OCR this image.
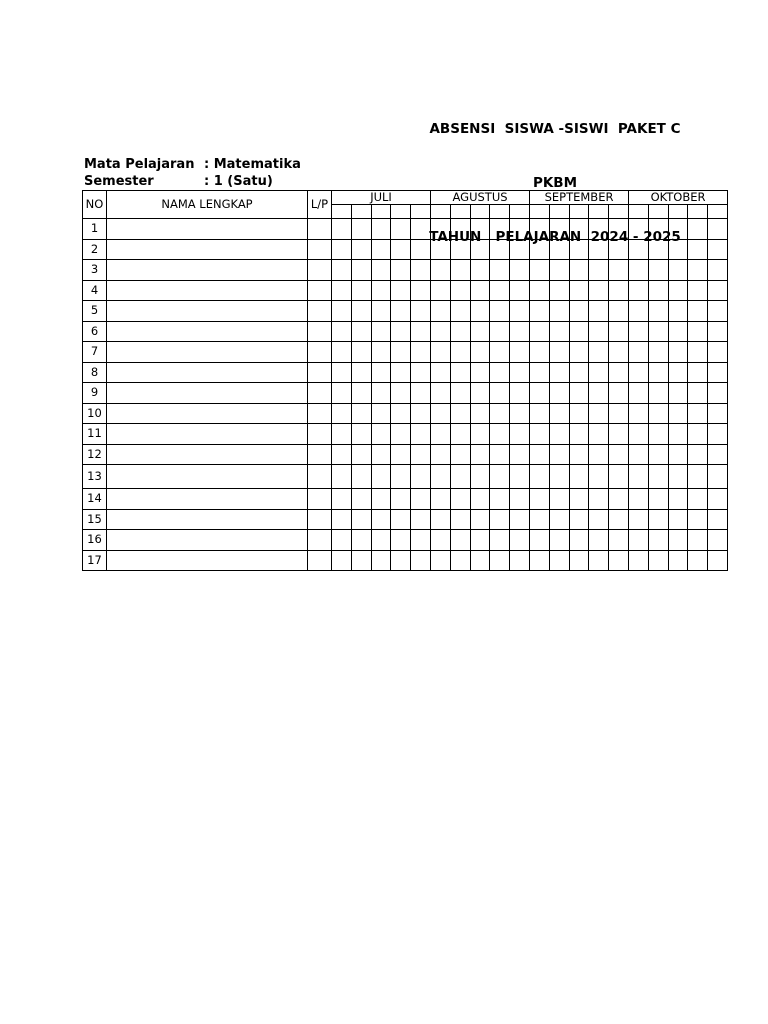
ABSENSI  SISWA -SISWI  PAKET C

PKBM

TAHUN   PELAJARAN  2024 - 2025

Mata Pelajaran : Matematika
Semester	: 1 (Satu)
NO	NAMA LENGKAP	L/P	JULI					AGUSTUS					SEPTEMBER					OKTOBER				

1																						
2																						
3																						
4																						
5																						
6																						
7																						
8																						
9																						
10																						
11																						
12																						
13																						
14																						
15																						
16																						
17																						
